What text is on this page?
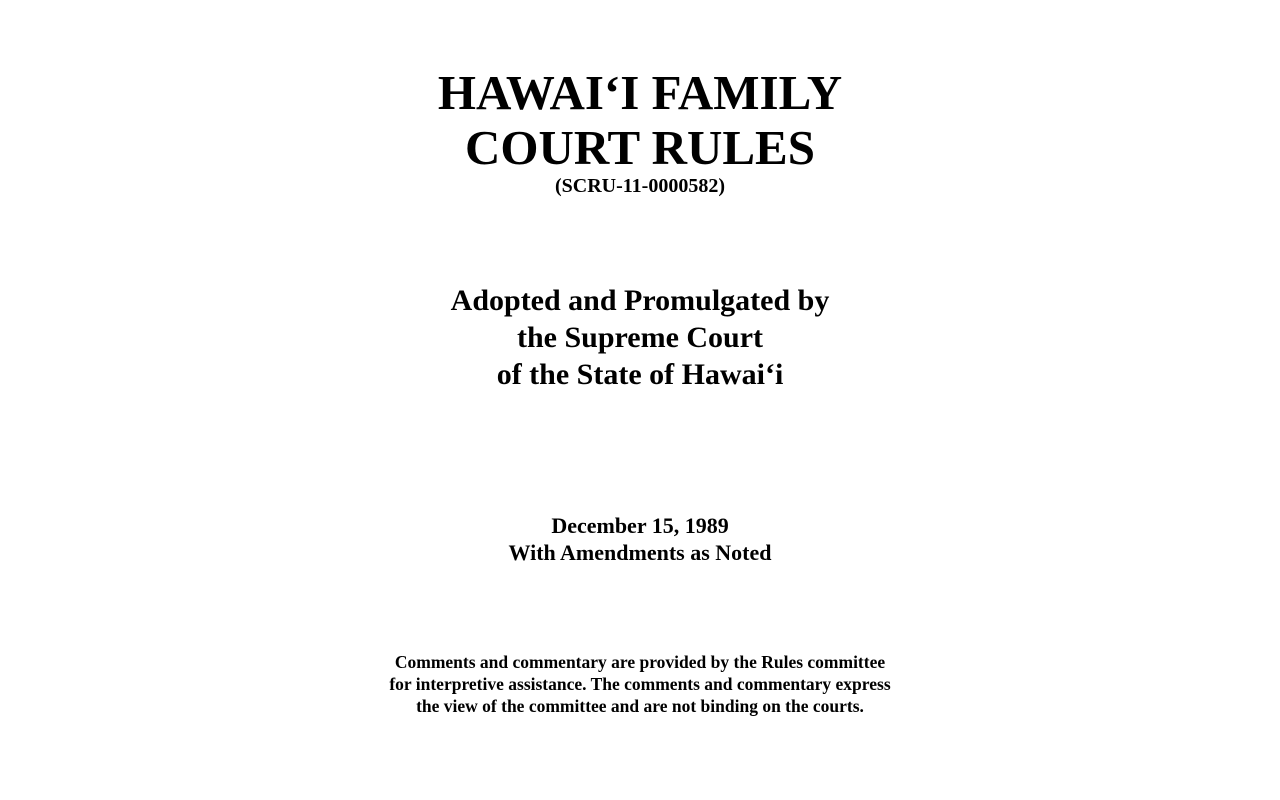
HAWAI‘I FAMILY
COURT RULES
(SCRU-11-0000582)
Adopted and Promulgated by
the Supreme Court
of the State of Hawai‘i
December 15, 1989
With Amendments as Noted
Comments and commentary are provided by the Rules committee
for interpretive assistance. The comments and commentary express
the view of the committee and are not binding on the courts.
